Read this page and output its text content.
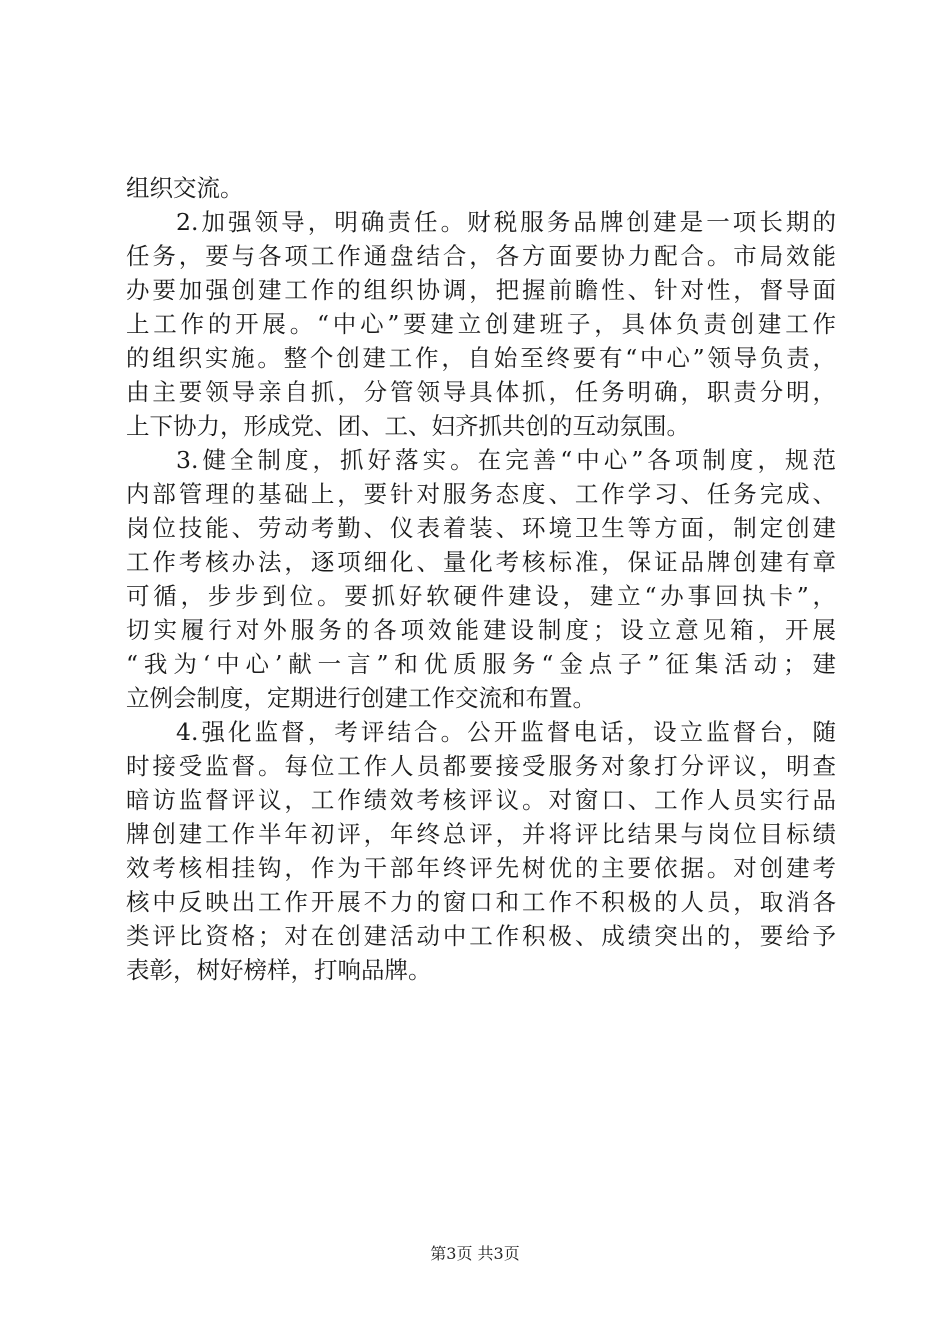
组织交流。
2.加强领导，明确责任。财税服务品牌创建是一项长期的
任务，要与各项工作通盘结合，各方面要协力配合。市局效能
办要加强创建工作的组织协调，把握前瞻性、针对性，督导面
上工作的开展。“中心”要建立创建班子，具体负责创建工作
的组织实施。整个创建工作，自始至终要有“中心”领导负责，
由主要领导亲自抓，分管领导具体抓，任务明确，职责分明，
上下协力，形成党、团、工、妇齐抓共创的互动氛围。
3.健全制度，抓好落实。在完善“中心”各项制度，规范
内部管理的基础上，要针对服务态度、工作学习、任务完成、
岗位技能、劳动考勤、仪表着装、环境卫生等方面，制定创建
工作考核办法，逐项细化、量化考核标准，保证品牌创建有章
可循，步步到位。要抓好软硬件建设，建立“办事回执卡”，
切实履行对外服务的各项效能建设制度；设立意见箱，开展
“我为‘中心’献一言”和优质服务“金点子”征集活动；建
立例会制度，定期进行创建工作交流和布置。
4.强化监督，考评结合。公开监督电话，设立监督台，随
时接受监督。每位工作人员都要接受服务对象打分评议，明查
暗访监督评议，工作绩效考核评议。对窗口、工作人员实行品
牌创建工作半年初评，年终总评，并将评比结果与岗位目标绩
效考核相挂钩，作为干部年终评先树优的主要依据。对创建考
核中反映出工作开展不力的窗口和工作不积极的人员，取消各
类评比资格；对在创建活动中工作积极、成绩突出的，要给予
表彰，树好榜样，打响品牌。
第3页 共3页
